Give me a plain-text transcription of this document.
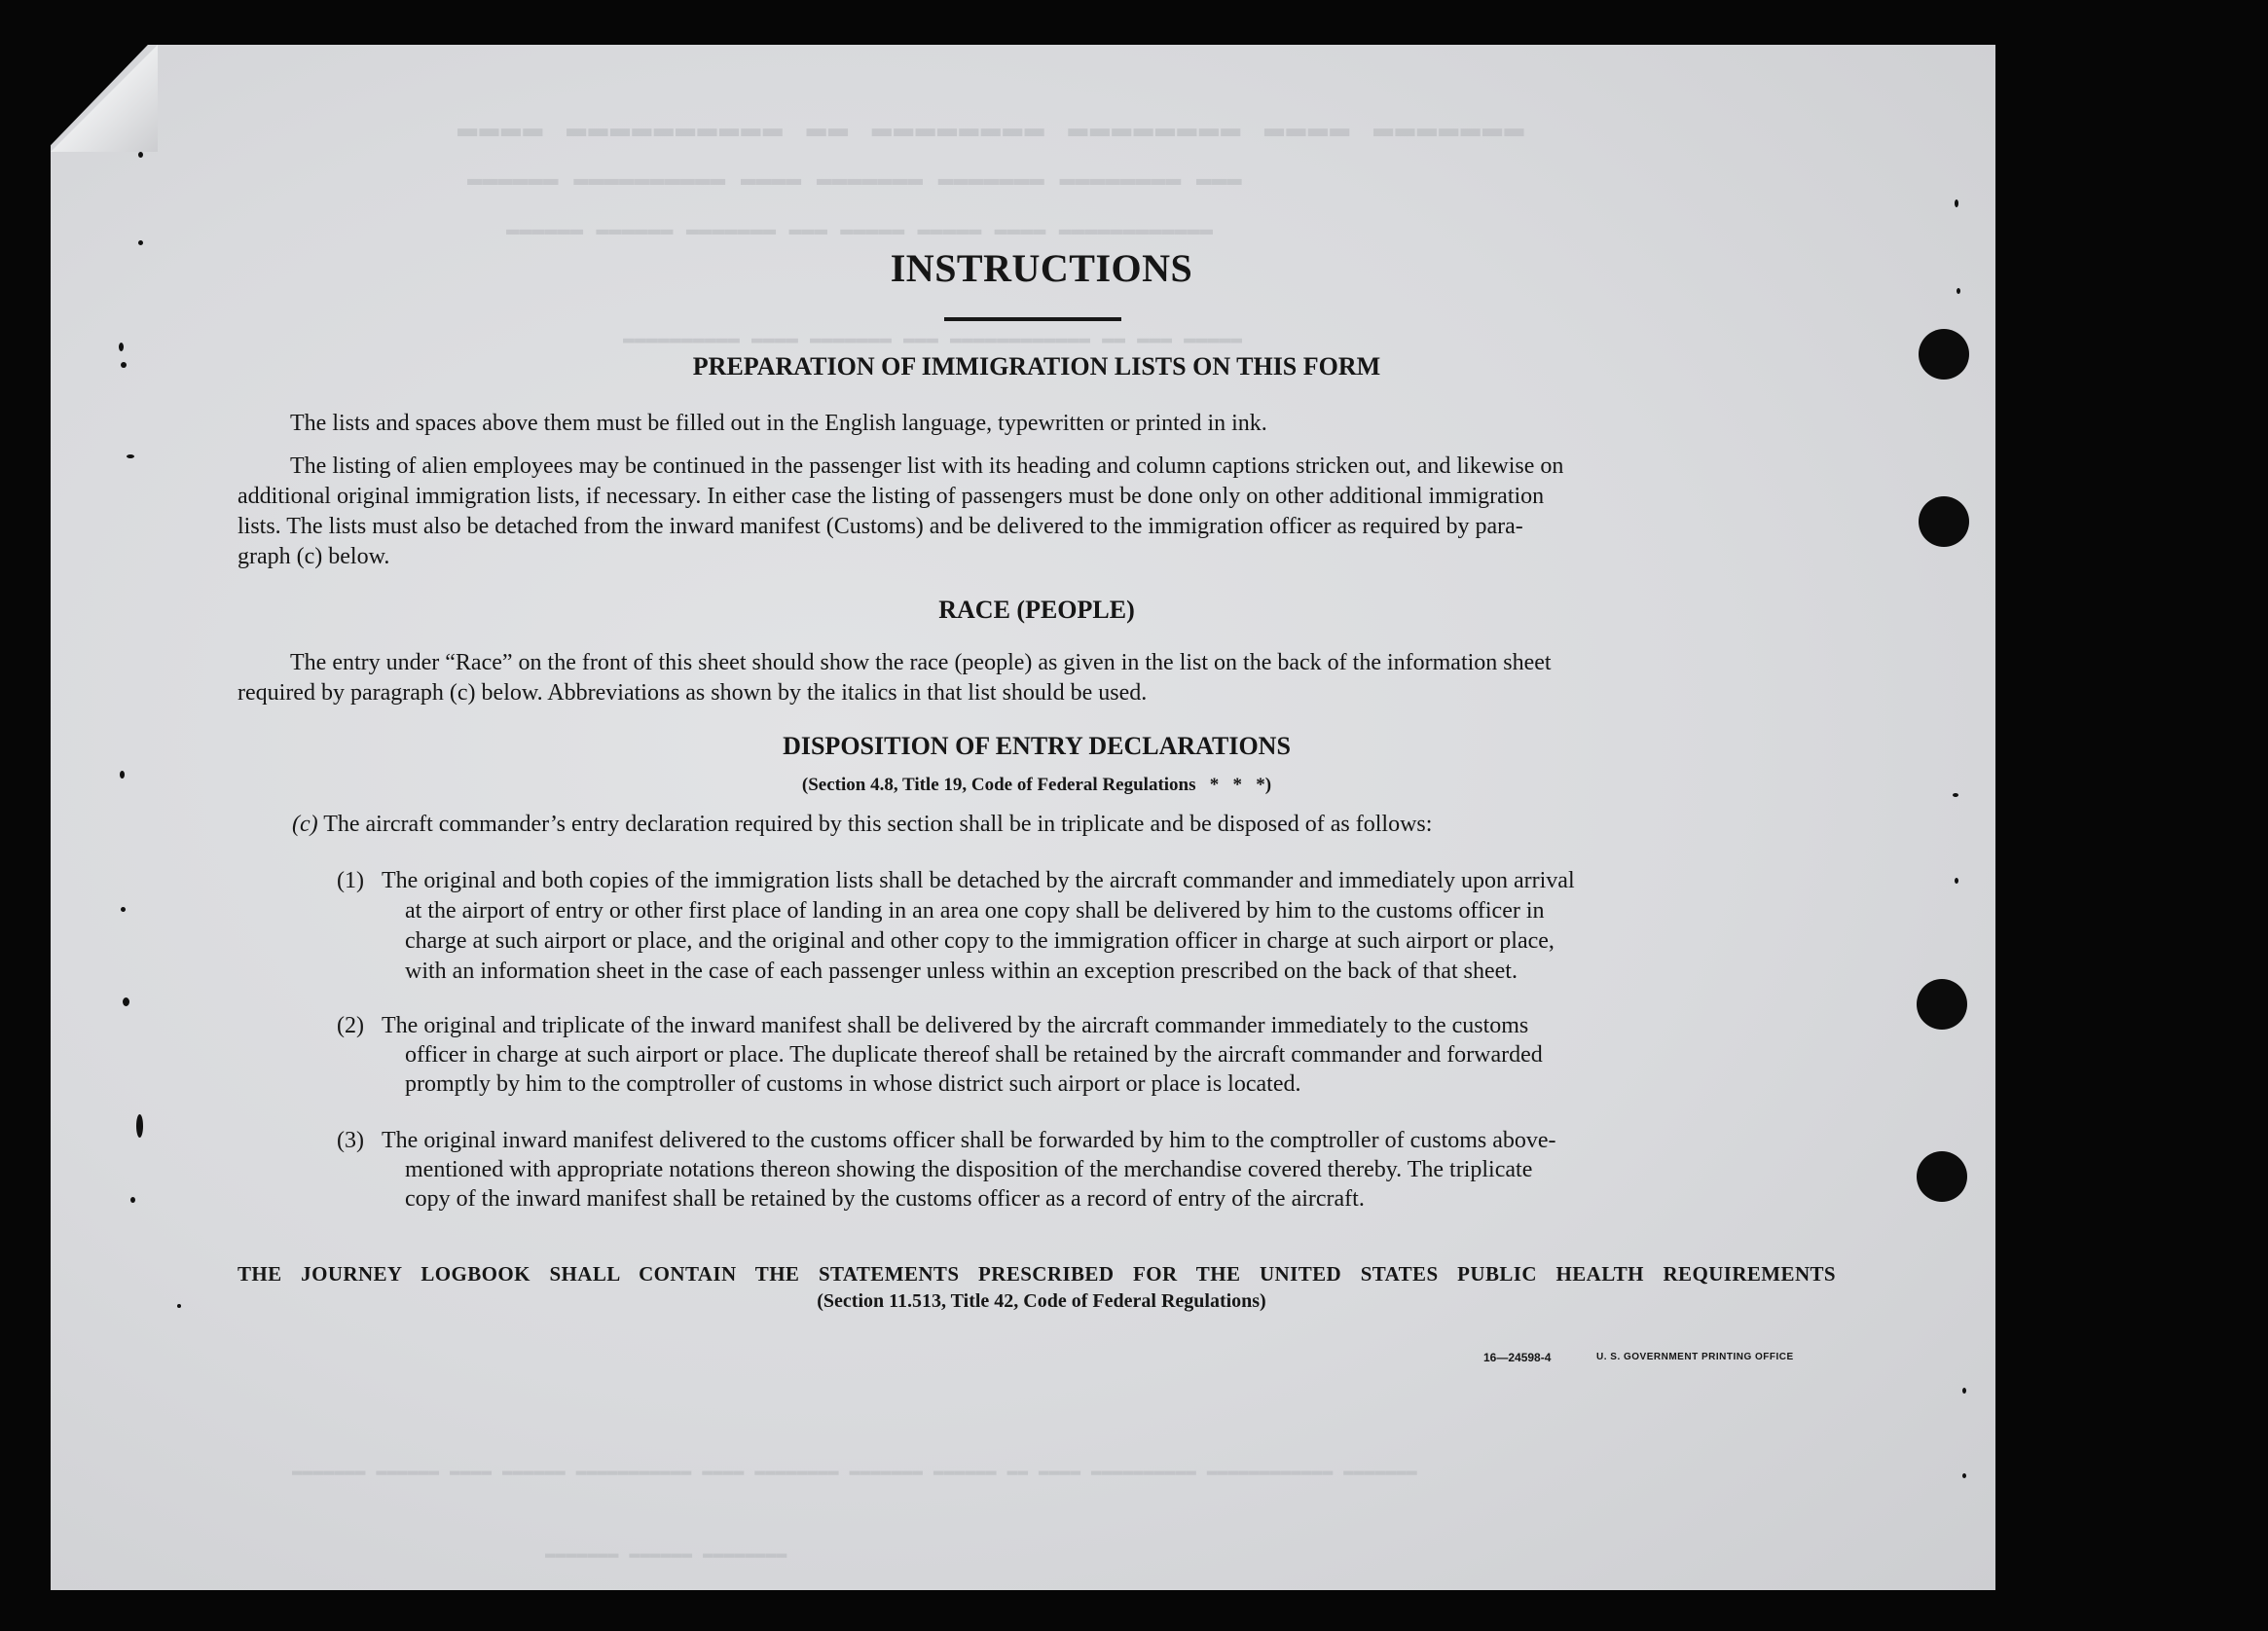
▬▬▬▬ ▬▬▬▬▬▬▬▬▬▬ ▬▬ ▬▬▬▬▬▬▬▬ ▬▬▬▬▬▬▬▬ ▬▬▬▬ ▬▬▬▬▬▬▬
▬▬▬▬▬▬ ▬▬▬▬▬▬▬▬▬▬ ▬▬▬▬ ▬▬▬▬▬▬▬ ▬▬▬▬▬▬▬ ▬▬▬▬▬▬▬▬ ▬▬▬
▬▬▬▬▬▬ ▬▬▬▬▬▬ ▬▬▬▬▬▬▬ ▬▬▬ ▬▬▬▬▬ ▬▬▬▬▬ ▬▬▬▬ ▬▬▬▬▬▬▬▬▬▬▬▬
▬▬▬▬▬▬▬▬▬▬ ▬▬▬▬ ▬▬▬▬▬▬▬ ▬▬▬ ▬▬▬▬▬▬▬▬▬▬▬▬ ▬▬ ▬▬▬ ▬▬▬▬▬
▬▬▬▬▬▬▬ ▬▬▬▬▬▬ ▬▬▬▬ ▬▬▬▬▬▬ ▬▬▬▬▬▬▬▬▬▬▬ ▬▬▬▬ ▬▬▬▬▬▬▬▬ ▬▬▬▬▬▬▬ ▬▬▬▬▬▬ ▬▬ ▬▬▬▬ ▬▬▬▬▬▬▬▬▬▬ ▬▬▬▬▬▬▬▬▬▬▬▬ ▬▬▬▬▬▬▬
▬▬▬▬▬▬▬ ▬▬▬▬▬▬ ▬▬▬▬▬▬▬▬
INSTRUCTIONS
PREPARATION OF IMMIGRATION LISTS ON THIS FORM
The lists and spaces above them must be filled out in the English language, typewritten or printed in ink.
The listing of alien employees may be continued in the passenger list with its heading and column captions stricken out, and likewise on
additional original immigration lists, if necessary. In either case the listing of passengers must be done only on other additional immigration
lists. The lists must also be detached from the inward manifest (Customs) and be delivered to the immigration officer as required by para-
graph (c) below.
RACE (PEOPLE)
The entry under “Race” on the front of this sheet should show the race (people) as given in the list on the back of the information sheet
required by paragraph (c) below. Abbreviations as shown by the italics in that list should be used.
DISPOSITION OF ENTRY DECLARATIONS
(Section 4.8, Title 19, Code of Federal Regulations   *   *   *)
(c) The aircraft commander’s entry declaration required by this section shall be in triplicate and be disposed of as follows:
(1) The original and both copies of the immigration lists shall be detached by the aircraft commander and immediately upon arrival
at the airport of entry or other first place of landing in an area one copy shall be delivered by him to the customs officer in
charge at such airport or place, and the original and other copy to the immigration officer in charge at such airport or place,
with an information sheet in the case of each passenger unless within an exception prescribed on the back of that sheet.
(2) The original and triplicate of the inward manifest shall be delivered by the aircraft commander immediately to the customs
officer in charge at such airport or place. The duplicate thereof shall be retained by the aircraft commander and forwarded
promptly by him to the comptroller of customs in whose district such airport or place is located.
(3) The original inward manifest delivered to the customs officer shall be forwarded by him to the comptroller of customs above-
mentioned with appropriate notations thereon showing the disposition of the merchandise covered thereby. The triplicate
copy of the inward manifest shall be retained by the customs officer as a record of entry of the aircraft.
THE JOURNEY LOGBOOK SHALL CONTAIN THE STATEMENTS PRESCRIBED FOR THE UNITED STATES PUBLIC HEALTH REQUIREMENTS
(Section 11.513, Title 42, Code of Federal Regulations)
16—24598-4	U. S. GOVERNMENT PRINTING OFFICE
